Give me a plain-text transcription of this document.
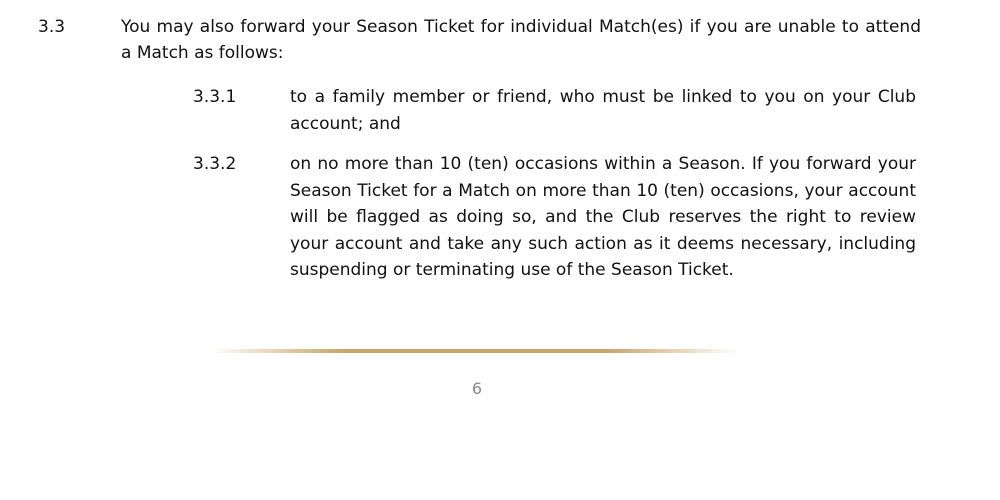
3.3	You may also forward your Season Ticket for individual Match(es) if you are unable to attend a Match as follows:
3.3.1	to a family member or friend, who must be linked to you on your Club account; and
3.3.2	on no more than 10 (ten) occasions within a Season. If you forward your Season Ticket for a Match on more than 10 (ten) occasions, your account will be flagged as doing so, and the Club reserves the right to review your account and take any such action as it deems necessary, including suspending or terminating use of the Season Ticket.
6
